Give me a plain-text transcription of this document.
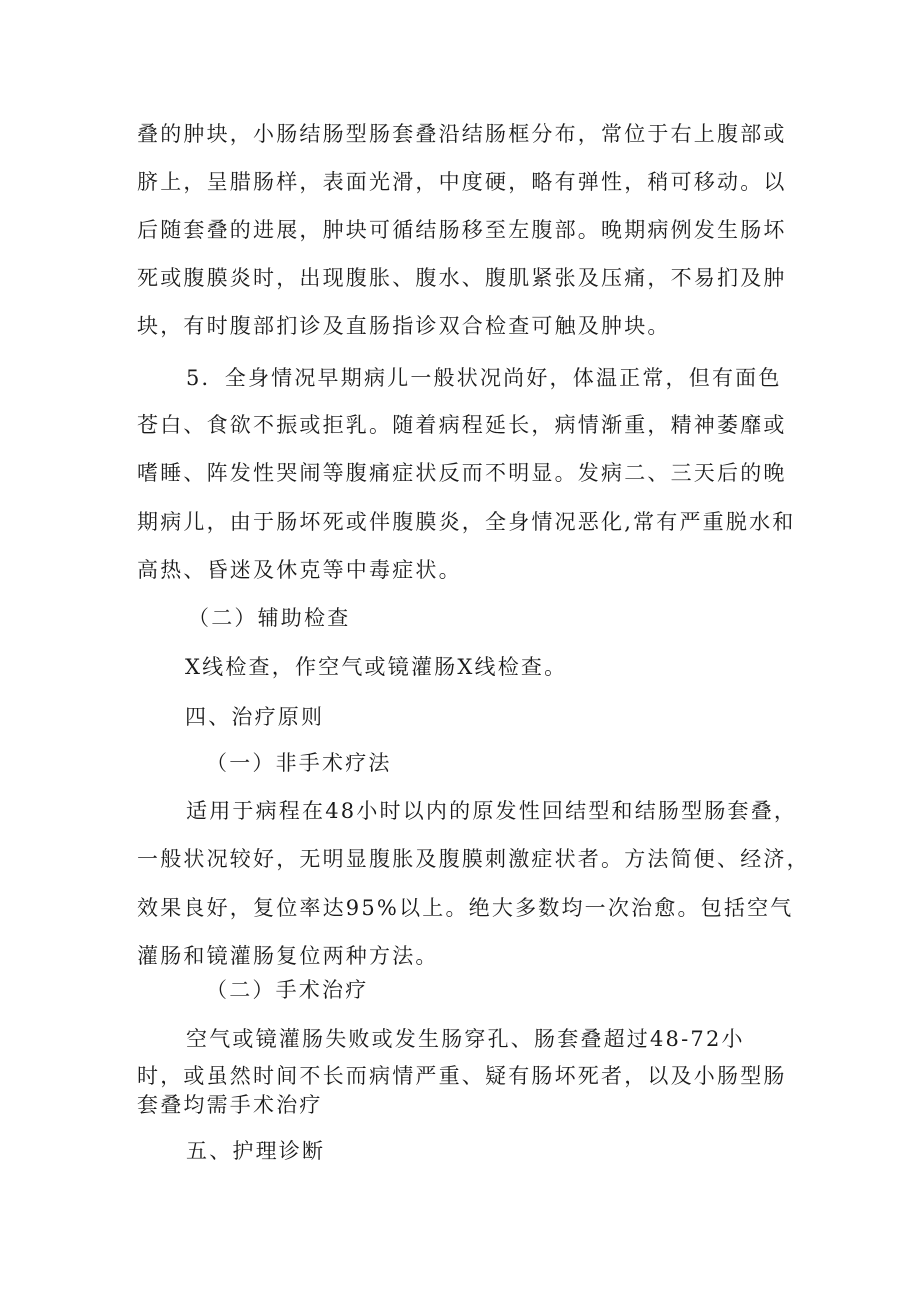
叠的肿块，小肠结肠型肠套叠沿结肠框分布，常位于右上腹部或
脐上，呈腊肠样，表面光滑，中度硬，略有弹性，稍可移动。以
后随套叠的进展，肿块可循结肠移至左腹部。晚期病例发生肠坏
死或腹膜炎时，出现腹胀、腹水、腹肌紧张及压痛，不易扪及肿
块，有时腹部扪诊及直肠指诊双合检查可触及肿块。
5．全身情况早期病儿一般状况尚好，体温正常，但有面色
苍白、食欲不振或拒乳。随着病程延长，病情渐重，精神萎靡或
嗜睡、阵发性哭闹等腹痛症状反而不明显。发病二、三天后的晚
期病儿，由于肠坏死或伴腹膜炎，全身情况恶化,常有严重脱水和
高热、昏迷及休克等中毒症状。
（二）辅助检查
X线检查，作空气或镜灌肠X线检查。
四、治疗原则
（一）非手术疗法
适用于病程在48小时以内的原发性回结型和结肠型肠套叠，
一般状况较好，无明显腹胀及腹膜刺激症状者。方法简便、经济，
效果良好，复位率达95%以上。绝大多数均一次治愈。包括空气
灌肠和镜灌肠复位两种方法。
（二）手术治疗
空气或镜灌肠失败或发生肠穿孔、肠套叠超过48-72小
时，或虽然时间不长而病情严重、疑有肠坏死者，以及小肠型肠
套叠均需手术治疗
五、护理诊断
